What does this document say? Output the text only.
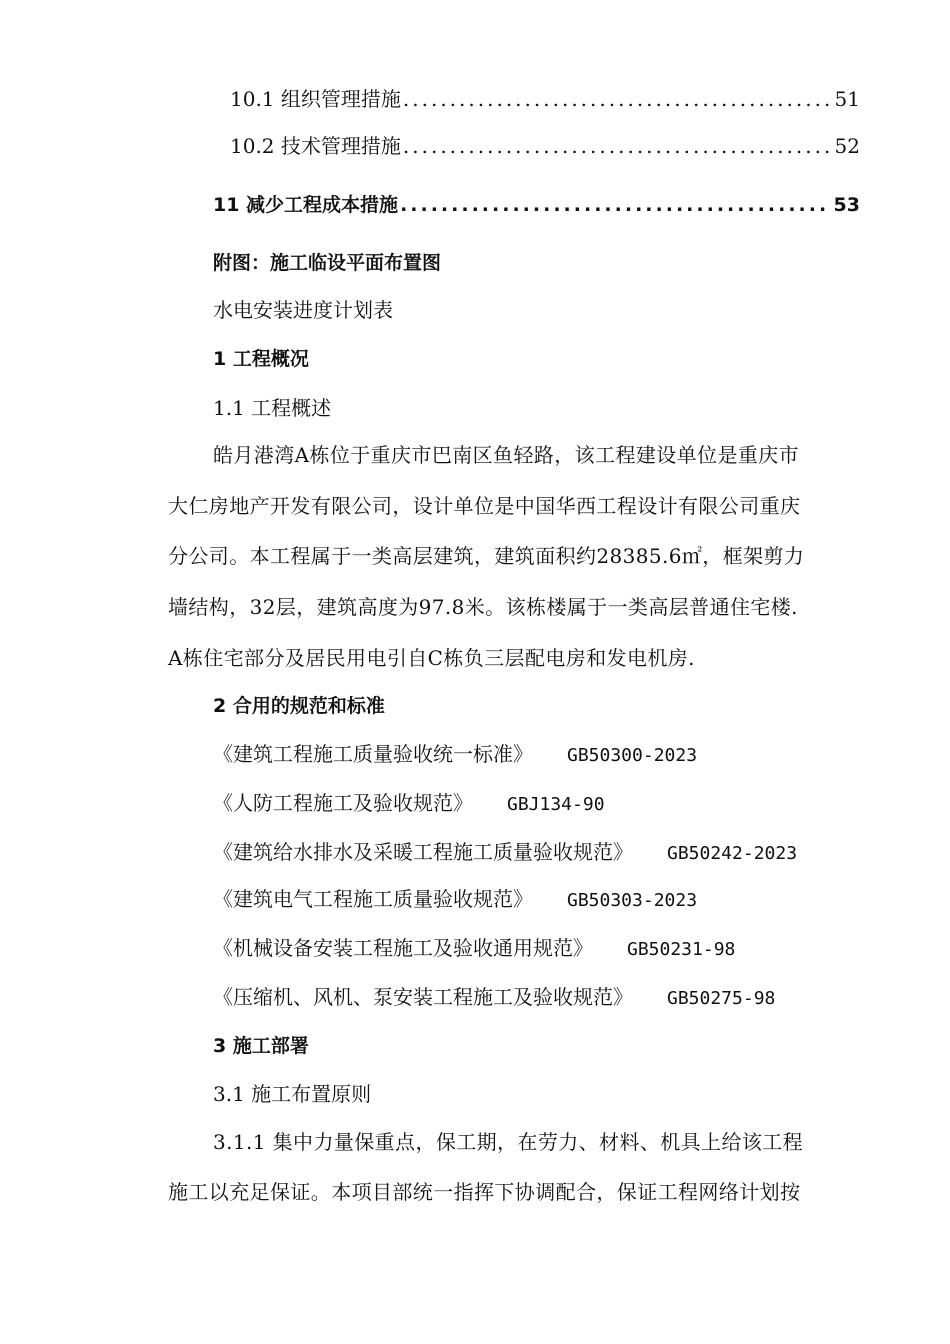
10.1 组织管理措施 .....	51
10.2 技术管理措施 .....	52
11 减少工程成本措施 .....	53
附图：施工临设平面布置图
水电安装进度计划表
1 工程概况
1.1 工程概述
皓月港湾A栋位于重庆市巴南区鱼轻路，该工程建设单位是重庆市
大仁房地产开发有限公司，设计单位是中国华西工程设计有限公司重庆
分公司。本工程属于一类高层建筑，建筑面积约28385.6㎡，框架剪力
墙结构，32层，建筑高度为97.8米。该栋楼属于一类高层普通住宅楼.
A栋住宅部分及居民用电引自C栋负三层配电房和发电机房.
2 合用的规范和标准
《建筑工程施工质量验收统一标准》 GB50300-2023
《人防工程施工及验收规范》 GBJ134-90
《建筑给水排水及采暖工程施工质量验收规范》 GB50242-2023
《建筑电气工程施工质量验收规范》 GB50303-2023
《机械设备安装工程施工及验收通用规范》 GB50231-98
《压缩机、风机、泵安装工程施工及验收规范》 GB50275-98
3 施工部署
3.1 施工布置原则
3.1.1 集中力量保重点，保工期，在劳力、材料、机具上给该工程
施工以充足保证。本项目部统一指挥下协调配合，保证工程网络计划按
